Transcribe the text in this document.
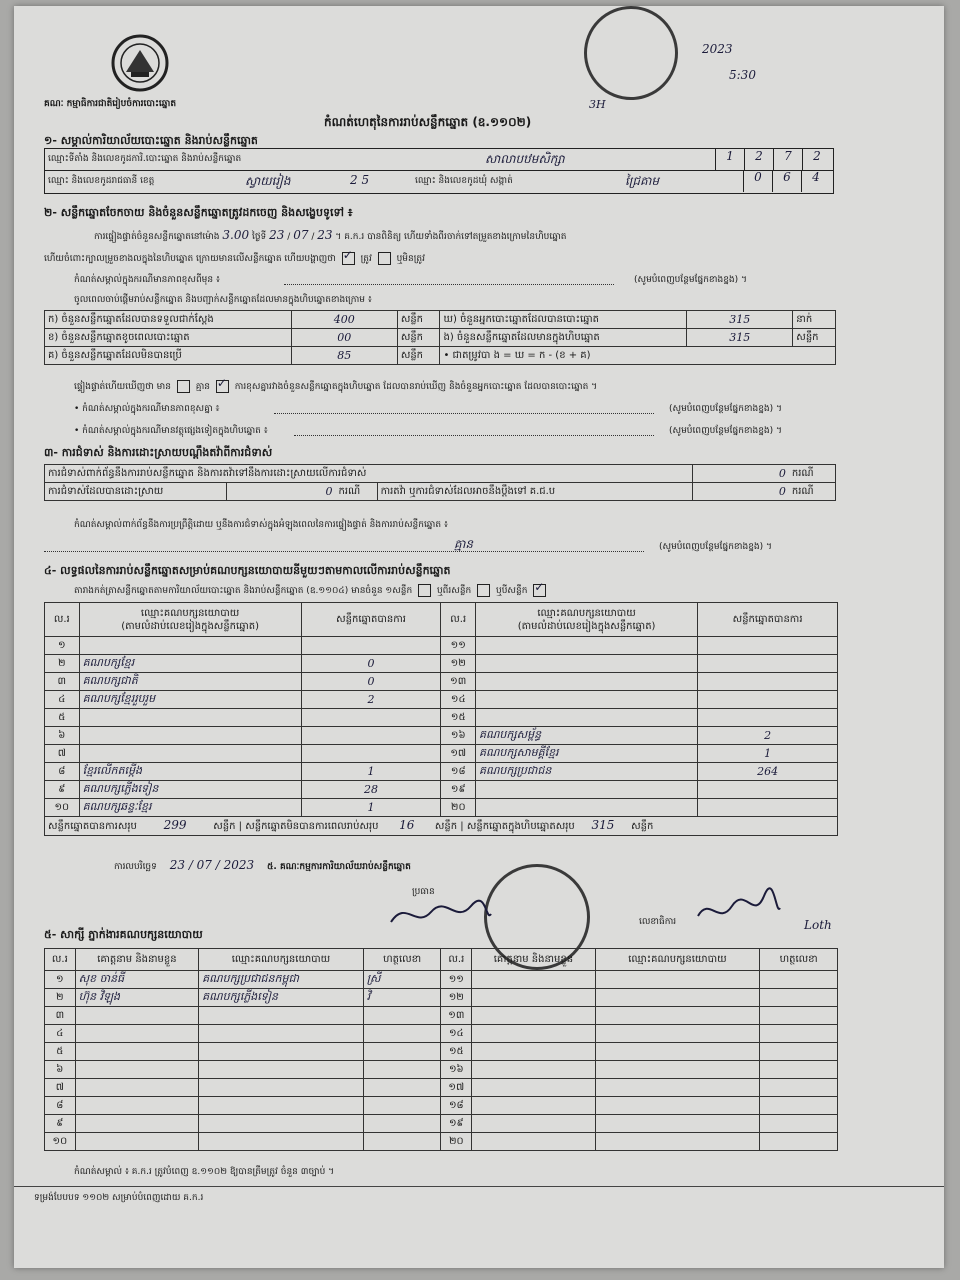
គណៈ កម្មាធិការជាតិរៀបចំការបោះឆ្នោត
កំណត់ហេតុនៃការរាប់សន្លឹកឆ្នោត (ឧ.១១០២)
2023
5:30
3H
១- សម្គាល់ការិយាល័យបោះឆ្នោត និងរាប់សន្លឹកឆ្នោត
ឈ្មោះទីតាំង និងលេខកូដការិ.បោះឆ្នោត និងរាប់សន្លឹកឆ្នោត	សាលាបឋមសិក្សា	1	2	7	2
ឈ្មោះ និងលេខកូដរាជធានី ខេត្ត	ស្វាយរៀង	2 5	ឈ្មោះ និងលេខកូដឃុំ សង្កាត់	ជ្រៃគាម	0	6	4
២- សន្លឹកឆ្នោតចែកចាយ និងចំនួនសន្លឹកឆ្នោតត្រូវដកចេញ និងសង្ខេបទូទៅ ៖
ការផ្ទៀងផ្ទាត់ចំនួនសន្លឹកឆ្នោតនៅម៉ោង 3.00 ថ្ងៃទី 23 / 07 / 23 ។ គ.ក.រ បានពិនិត្យ ហើយទាំងពីរចាក់ទៅតម្រួតខាងក្រោមនៃហិបឆ្នោត
ហើយចំពោះក្បាលម្រួចខាងលក្នុងនៃហិបឆ្នោត ក្រោយមានលើសន្លឹកឆ្នោត ហើយបង្ហាញថា ✓	ត្រូវ	ឬមិនត្រូវ
កំណត់សម្គាល់ក្នុងករណីមានភាពខុសពីមុន ៖	(សូមបំពេញបន្ថែមផ្នែកខាងខ្នង) ។
ចូលពេលចាប់ផ្ដើមរាប់សន្លឹកឆ្នោត និងបញ្ជាក់សន្លឹកឆ្នោតដែលមានក្នុងហិបឆ្នោតខាងក្រោម ៖
ក) ចំនួនសន្លឹកឆ្នោតដែលបានទទួលជាក់ស្ដែង	400	សន្លឹក	ឃ) ចំនួនអ្នកបោះឆ្នោតដែលបានបោះឆ្នោត	315	នាក់
ខ) ចំនួនសន្លឹកឆ្នោតខូចពេលបោះឆ្នោត	00	សន្លឹក	ង) ចំនួនសន្លឹកឆ្នោតដែលមានក្នុងហិបឆ្នោត	315	សន្លឹក
គ) ចំនួនសន្លឹកឆ្នោតដែលមិនបានប្រើ	85	សន្លឹក	• ជាតម្រូវបា ង = ឃ = ក - (ខ + គ)		
ផ្ទៀងផ្ទាត់ហើយឃើញថា មាន	គ្មាន ✓	ការខុសគ្នារវាងចំនួនសន្លឹកឆ្នោតក្នុងហិបឆ្នោត ដែលបានរាប់ឃើញ និងចំនួនអ្នកបោះឆ្នោត ដែលបានបោះឆ្នោត ។
• កំណត់សម្គាល់ក្នុងករណីមានភាពខុសគ្នា ៖	(សូមបំពេញបន្ថែមផ្នែកខាងខ្នង) ។
• កំណត់សម្គាល់ក្នុងករណីមានវត្ថុផ្សេងទៀតក្នុងហិបឆ្នោត ៖	(សូមបំពេញបន្ថែមផ្នែកខាងខ្នង) ។
៣- ការជំទាស់ និងការដោះស្រាយបណ្ដឹងតវ៉ាពីការជំទាស់
ការជំទាស់ពាក់ព័ន្ធនឹងការរាប់សន្លឹកឆ្នោត និងការតវ៉ាទៅនឹងការដោះស្រាយលើការជំទាស់				0	ករណី
ការជំទាស់ដែលបានដោះស្រាយ	0	ករណី	ការតវ៉ា ឬការជំទាស់ដែលអាចនឹងប្ដឹងទៅ គ.ជ.ប	0	ករណី
កំណត់សម្គាល់ពាក់ព័ន្ធនឹងការប្រព្រឹត្តិដោយ ឬនឹងការជំទាស់ក្នុងអំឡុងពេលនៃការផ្ទៀងផ្ទាត់ និងការរាប់សន្លឹកឆ្នោត ៖
គ្មាន	(សូមបំពេញបន្ថែមផ្នែកខាងខ្នង) ។
៤- លទ្ធផលនៃការរាប់សន្លឹកឆ្នោតសម្រាប់គណបក្សនយោបាយនីមួយៗតាមកាលលើការរាប់សន្លឹកឆ្នោត
តារាងកត់ត្រាសន្លឹកឆ្នោតតាមការិយាល័យបោះឆ្នោត និងរាប់សន្លឹកឆ្នោត (ឧ.១១០៤) មានចំនួន ១សន្លឹក	ឬពីរសន្លឹក	ឬបីសន្លឹក ✓
ល.រ	ឈ្មោះគណបក្សនយោបាយ
(តាមលំដាប់លេខរៀងក្នុងសន្លឹកឆ្នោត)	សន្លឹកឆ្នោតបានការ	ល.រ	ឈ្មោះគណបក្សនយោបាយ
(តាមលំដាប់លេខរៀងក្នុងសន្លឹកឆ្នោត)	សន្លឹកឆ្នោតបានការ
១			១១		
២	គណបក្សខ្មែរ	0	១២		
៣	គណបក្សជាតិ	0	១៣		
៤	គណបក្សខ្មែររួបរួម	2	១៤		
៥			១៥		
៦			១៦	គណបក្សសម្ព័ន្ធ	2
៧			១៧	គណបក្សសាមគ្គីខ្មែរ	1
៨	ខ្មែរលើកតម្កើង	1	១៨	គណបក្សប្រជាជន	264
៩	គណបក្សភ្លើងទៀន	28	១៩		
១០	គណបក្សឆន្ទៈខ្មែរ	1	២០		
សន្លឹកឆ្នោតបានការសរុប 299 សន្លឹក | សន្លឹកឆ្នោតមិនបានការពេលរាប់សរុប 16 សន្លឹក | សន្លឹកឆ្នោតក្នុងហិបឆ្នោតសរុប 315 សន្លឹក					
ការលបរិច្ឆេទ 23 / 07 / 2023 ៥. គណៈកម្មការការិយាល័យរាប់សន្លឹកឆ្នោត
ប្រធាន
លេខាធិការ	Loth
៥- សាក្សី ភ្នាក់ងារគណបក្សនយោបាយ
ល.រ	គោត្តនាម និងនាមខ្លួន	ឈ្មោះគណបក្សនយោបាយ	ហត្ថលេខា	ល.រ	គោត្តនាម និងនាមខ្លួន	ឈ្មោះគណបក្សនយោបាយ	ហត្ថលេខា
១	សុខ ចាន់ធី	គណបក្សប្រជាជនកម្ពុជា	ស្រី	១១			
២	ហ៊ុន វិឡុង	គណបក្សភ្លើងទៀន	វិ	១២			
៣				១៣			
៤				១៤			
៥				១៥			
៦				១៦			
៧				១៧			
៨				១៨			
៩				១៩			
១០				២០			
កំណត់សម្គាល់ ៖ គ.ក.រ ត្រូវបំពេញ ឧ.១១០២ ឱ្យបានត្រឹមត្រូវ ចំនួន ៣ច្បាប់ ។
ទម្រង់បែបបទ ១១០២ សម្រាប់បំពេញដោយ គ.ក.រ
